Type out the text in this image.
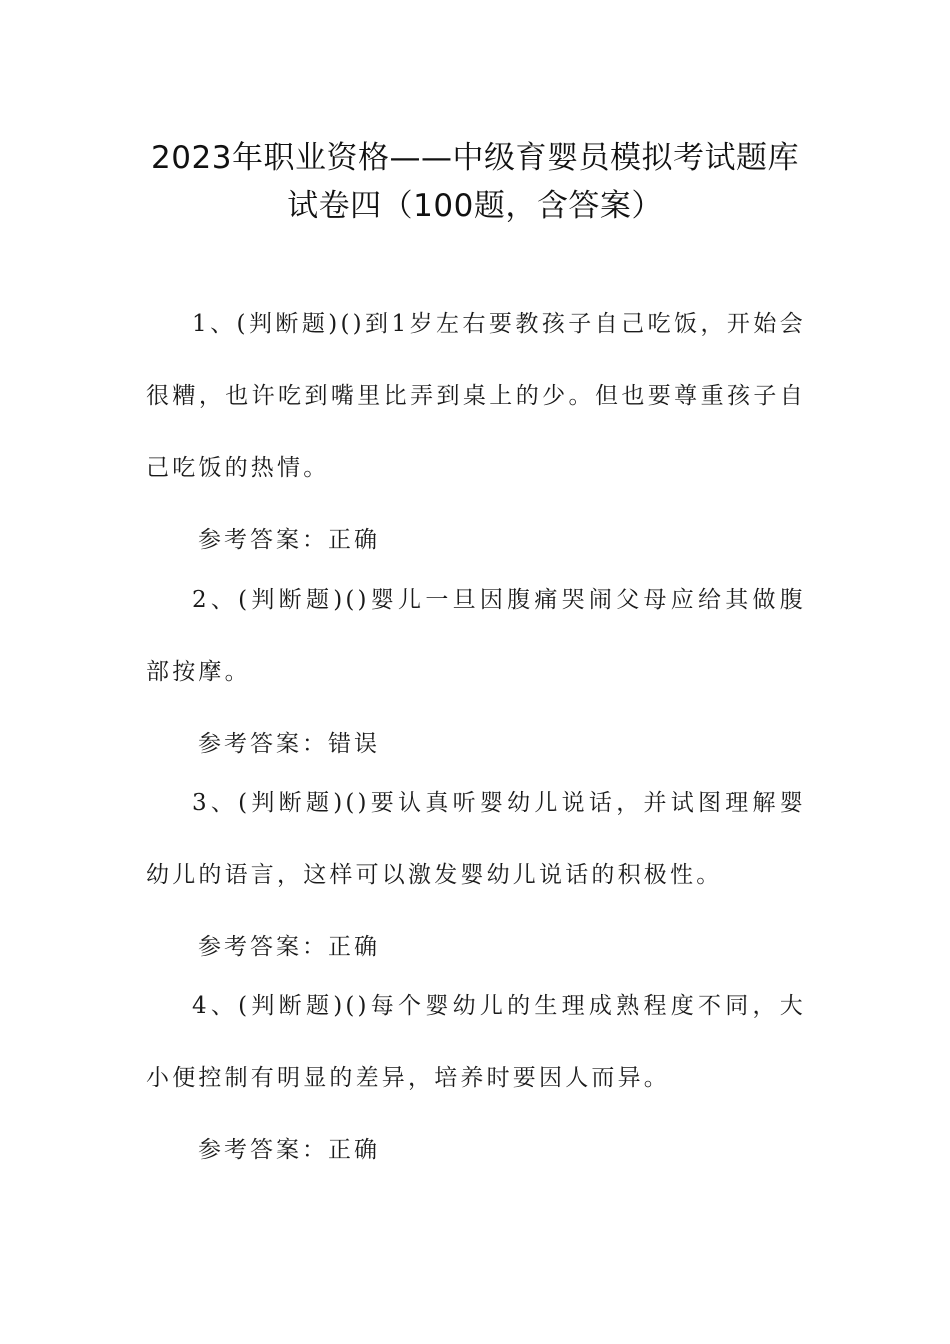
2023年职业资格——中级育婴员模拟考试题库
试卷四（100题，含答案）

1、(判断题)()到1岁左右要教孩子自己吃饭，开始会很糟，也许吃到嘴里比弄到桌上的少。但也要尊重孩子自己吃饭的热情。

参考答案：正确

2、(判断题)()婴儿一旦因腹痛哭闹父母应给其做腹部按摩。

参考答案：错误

3、(判断题)()要认真听婴幼儿说话，并试图理解婴幼儿的语言，这样可以激发婴幼儿说话的积极性。

参考答案：正确

4、(判断题)()每个婴幼儿的生理成熟程度不同，大小便控制有明显的差异，培养时要因人而异。

参考答案：正确
